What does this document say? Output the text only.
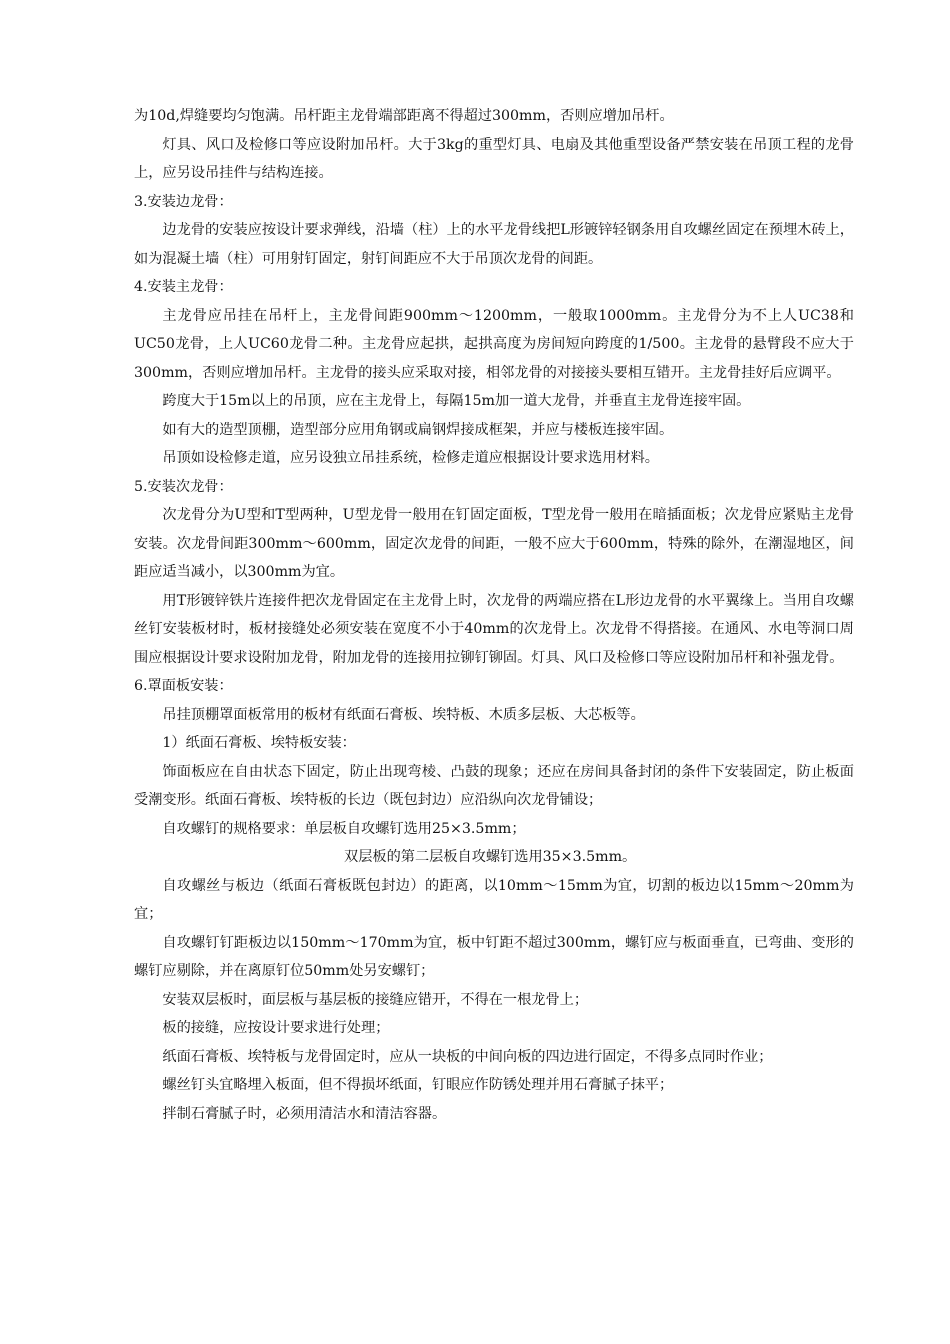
为10d,焊缝要均匀饱满。吊杆距主龙骨端部距离不得超过300mm，否则应增加吊杆。

灯具、风口及检修口等应设附加吊杆。大于3kg的重型灯具、电扇及其他重型设备严禁安装在吊顶工程的龙骨上，应另设吊挂件与结构连接。

3.安装边龙骨：

边龙骨的安装应按设计要求弹线，沿墙（柱）上的水平龙骨线把L形镀锌轻钢条用自攻螺丝固定在预埋木砖上，如为混凝土墙（柱）可用射钉固定，射钉间距应不大于吊顶次龙骨的间距。

4.安装主龙骨：

主龙骨应吊挂在吊杆上，主龙骨间距900mm～1200mm，一般取1000mm。主龙骨分为不上人UC38和UC50龙骨，上人UC60龙骨二种。主龙骨应起拱，起拱高度为房间短向跨度的1/500。主龙骨的悬臂段不应大于300mm，否则应增加吊杆。主龙骨的接头应采取对接，相邻龙骨的对接接头要相互错开。主龙骨挂好后应调平。

跨度大于15m以上的吊顶，应在主龙骨上，每隔15m加一道大龙骨，并垂直主龙骨连接牢固。

如有大的造型顶棚，造型部分应用角钢或扁钢焊接成框架，并应与楼板连接牢固。

吊顶如设检修走道，应另设独立吊挂系统，检修走道应根据设计要求选用材料。

5.安装次龙骨：

次龙骨分为U型和T型两种，U型龙骨一般用在钉固定面板，T型龙骨一般用在暗插面板；次龙骨应紧贴主龙骨安装。次龙骨间距300mm～600mm，固定次龙骨的间距，一般不应大于600mm，特殊的除外，在潮湿地区，间距应适当减小，以300mm为宜。

用T形镀锌铁片连接件把次龙骨固定在主龙骨上时，次龙骨的两端应搭在L形边龙骨的水平翼缘上。当用自攻螺丝钉安装板材时，板材接缝处必须安装在宽度不小于40mm的次龙骨上。次龙骨不得搭接。在通风、水电等洞口周围应根据设计要求设附加龙骨，附加龙骨的连接用拉铆钉铆固。灯具、风口及检修口等应设附加吊杆和补强龙骨。

6.罩面板安装：

吊挂顶棚罩面板常用的板材有纸面石膏板、埃特板、木质多层板、大芯板等。

1）纸面石膏板、埃特板安装：

饰面板应在自由状态下固定，防止出现弯棱、凸鼓的现象；还应在房间具备封闭的条件下安装固定，防止板面受潮变形。纸面石膏板、埃特板的长边（既包封边）应沿纵向次龙骨铺设；

自攻螺钉的规格要求：单层板自攻螺钉选用25×3.5mm；

双层板的第二层板自攻螺钉选用35×3.5mm。

自攻螺丝与板边（纸面石膏板既包封边）的距离，以10mm～15mm为宜，切割的板边以15mm～20mm为宜；

自攻螺钉钉距板边以150mm～170mm为宜，板中钉距不超过300mm，螺钉应与板面垂直，已弯曲、变形的螺钉应剔除，并在离原钉位50mm处另安螺钉；

安装双层板时，面层板与基层板的接缝应错开，不得在一根龙骨上；

板的接缝，应按设计要求进行处理；

纸面石膏板、埃特板与龙骨固定时，应从一块板的中间向板的四边进行固定，不得多点同时作业；

螺丝钉头宜略埋入板面，但不得损坏纸面，钉眼应作防锈处理并用石膏腻子抹平；

拌制石膏腻子时，必须用清洁水和清洁容器。
